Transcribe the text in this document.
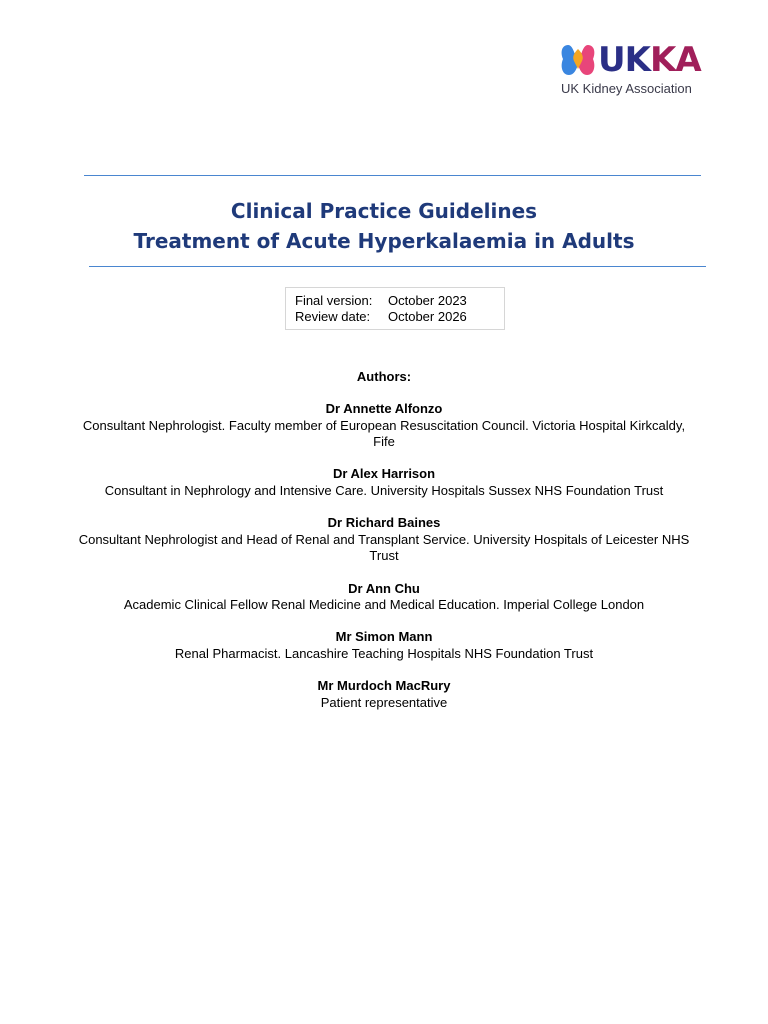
UKKA
UK Kidney Association
Clinical Practice Guidelines
Treatment of Acute Hyperkalaemia in Adults
Final version: October 2023
Review date: October 2026
Authors:
Dr Annette Alfonzo
Consultant Nephrologist. Faculty member of European Resuscitation Council. Victoria Hospital Kirkcaldy, Fife
Dr Alex Harrison
Consultant in Nephrology and Intensive Care. University Hospitals Sussex NHS Foundation Trust
Dr Richard Baines
Consultant Nephrologist and Head of Renal and Transplant Service. University Hospitals of Leicester NHS Trust
Dr Ann Chu
Academic Clinical Fellow Renal Medicine and Medical Education. Imperial College London
Mr Simon Mann
Renal Pharmacist. Lancashire Teaching Hospitals NHS Foundation Trust
Mr Murdoch MacRury
Patient representative
